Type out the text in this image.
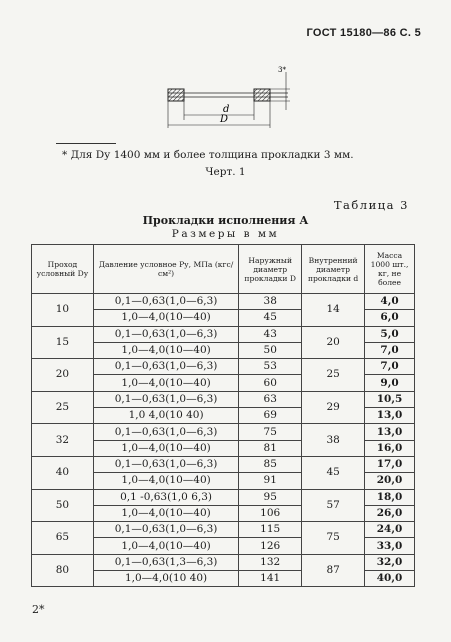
ГОСТ 15180—86 С. 5
d
D
3*
* Для Dу 1400 мм и более толщина прокладки 3 мм.
Черт. 1
Таблица 3
Прокладки исполнения А
Размеры в мм
Проход условный Dу	Давление условное Pу, МПа (кгс/см²)	Наружный диаметр прокладки D	Внутренний диаметр прокладки d	Масса 1000 шт., кг, не более
10	0,1—0,63(1,0—6,3)	38	14	4,0
	1,0—4,0(10—40)	45		6,0
15	0,1—0,63(1,0—6,3)	43	20	5,0
	1,0—4,0(10—40)	50		7,0
20	0,1—0,63(1,0—6,3)	53	25	7,0
	1,0—4,0(10—40)	60		9,0
25	0,1—0,63(1,0—6,3)	63	29	10,5
	1,0 4,0(10 40)	69		13,0
32	0,1—0,63(1,0—6,3)	75	38	13,0
	1,0—4,0(10—40)	81		16,0
40	0,1—0,63(1,0—6,3)	85	45	17,0
	1,0—4,0(10—40)	91		20,0
50	0,1 -0,63(1,0 6,3)	95	57	18,0
	1,0—4,0(10—40)	106		26,0
65	0,1—0,63(1,0—6,3)	115	75	24,0
	1,0—4,0(10—40)	126		33,0
80	0,1—0,63(1,3—6,3)	132	87	32,0
	1,0—4,0(10 40)	141		40,0
2*
